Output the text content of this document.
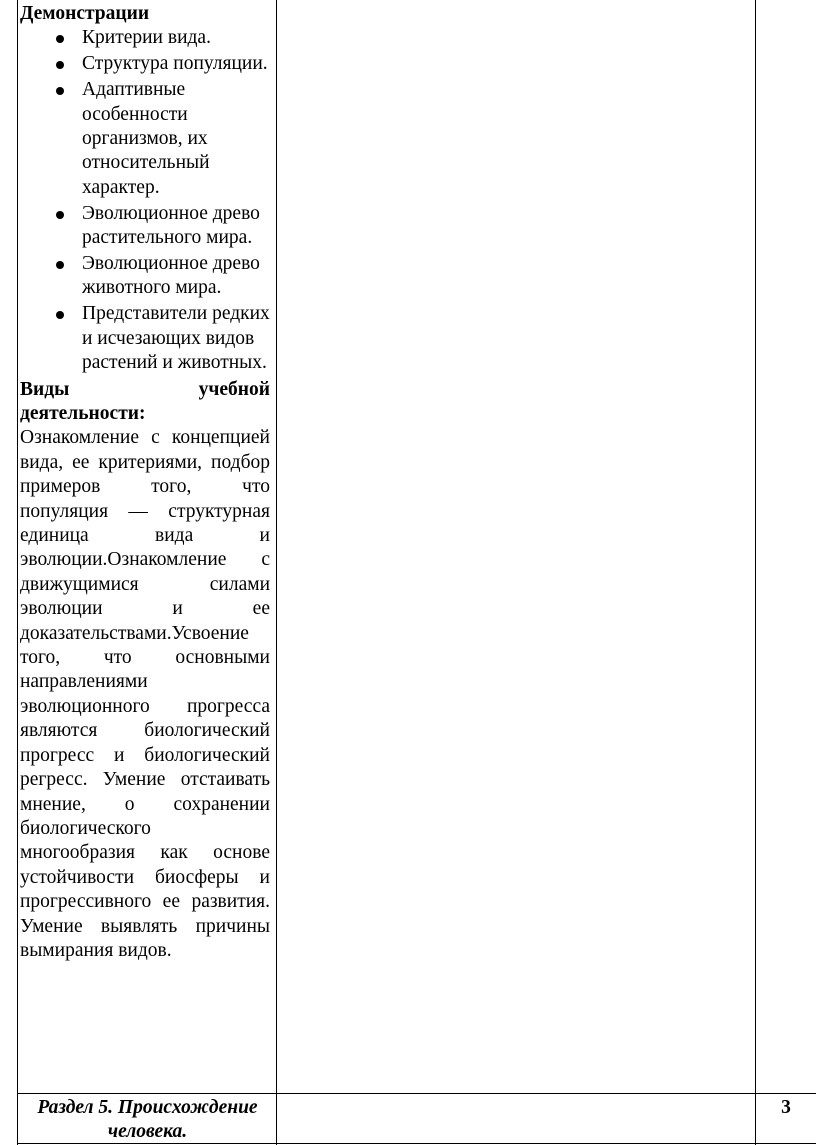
Демонстрации
Критерии вида.
Структура популяции.
Адаптивные особенности организмов, их относительный характер.
Эволюционное древо растительного мира.
Эволюционное древо животного мира.
Представители редких и исчезающих видов растений и животных.
Виды учебной деятельности:
Ознакомление с концепцией вида, ее критериями, подбор примеров того, что популяция — структурная единица вида и эволюции.Ознакомление с движущимися силами эволюции и ее доказательствами.Усвоение того, что основными направлениями эволюционного прогресса являются биологический прогресс и биологический регресс. Умение отстаивать мнение, о сохранении биологического многообразия как основе устойчивости биосферы и прогрессивного ее развития. Умение выявлять причины вымирания видов.
Раздел 5. Происхождение человека.
3
